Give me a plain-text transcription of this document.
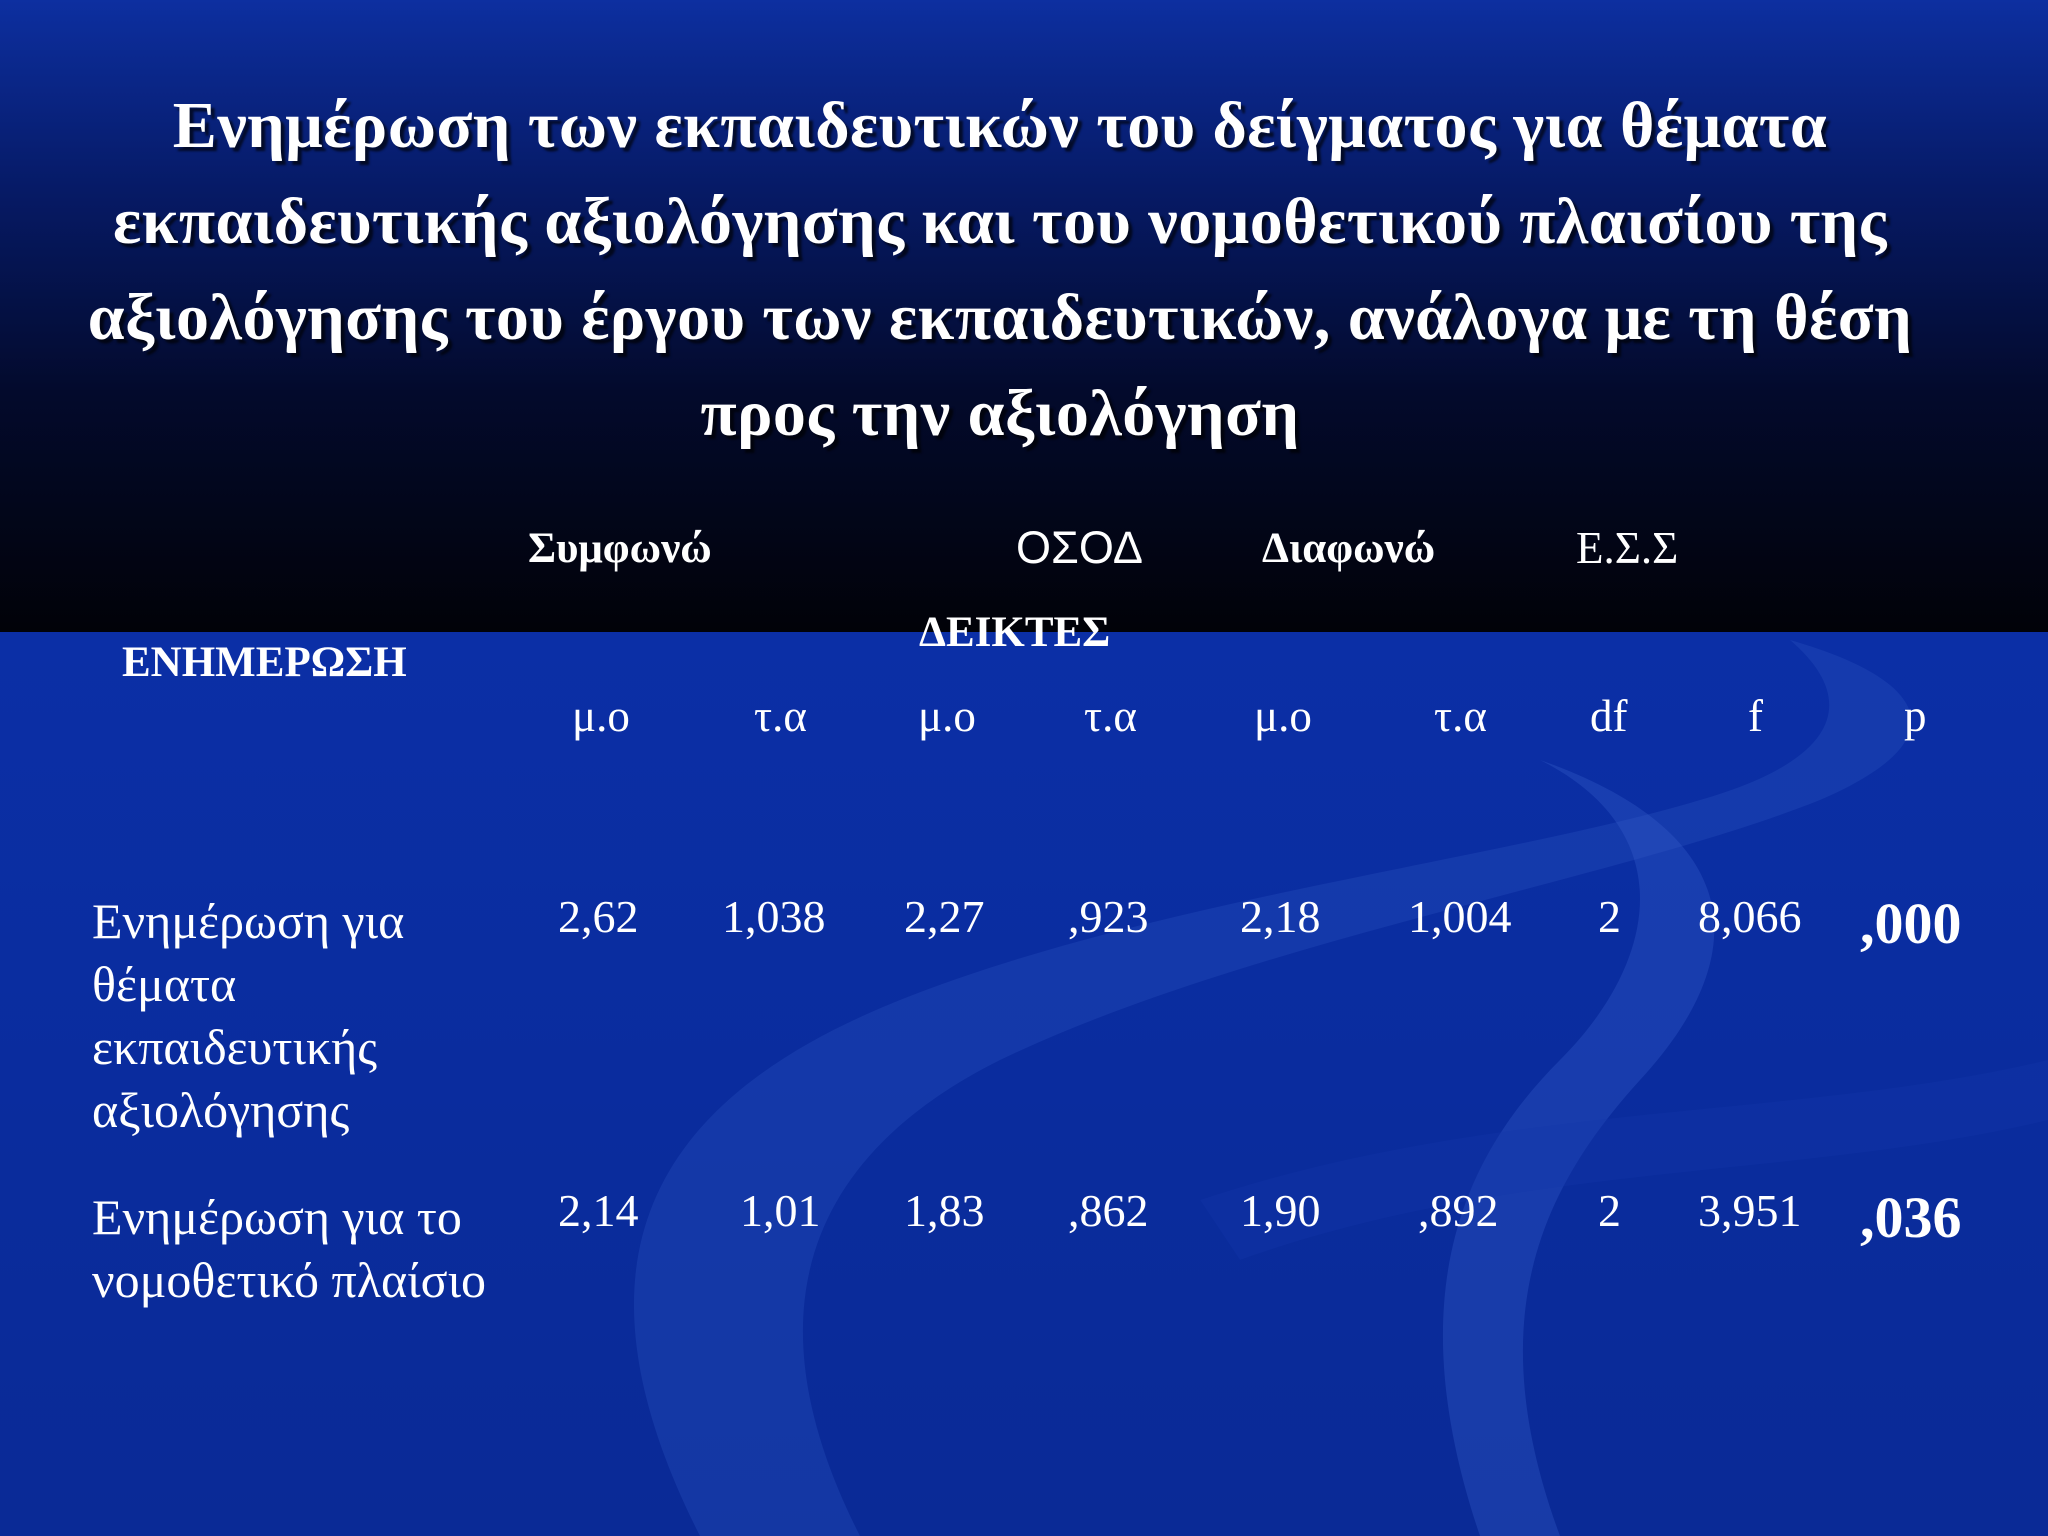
Ενημέρωση των εκπαιδευτικών του δείγματος για θέματα εκπαιδευτικής αξιολόγησης και του νομοθετικού πλαισίου της αξιολόγησης του έργου των εκπαιδευτικών, ανάλογα με τη θέση προς την αξιολόγηση
Συμφωνώ	ΟΣΟΔ	Διαφωνώ	Ε.Σ.Σ
ΔΕΙΚΤΕΣ
ΕΝΗΜΕΡΩΣΗ
μ.ο	τ.α μ.ο τ.α	μ.ο	τ.α df	f	p
Ενημέρωση για θέματα εκπαιδευτικής αξιολόγησης
2,62 1,038 2,27 ,923 2,18 1,004 2 8,066 ,000
Ενημέρωση για το νομοθετικό πλαίσιο
2,14 1,01 1,83 ,862 1,90 ,892 2 3,951 ,036
